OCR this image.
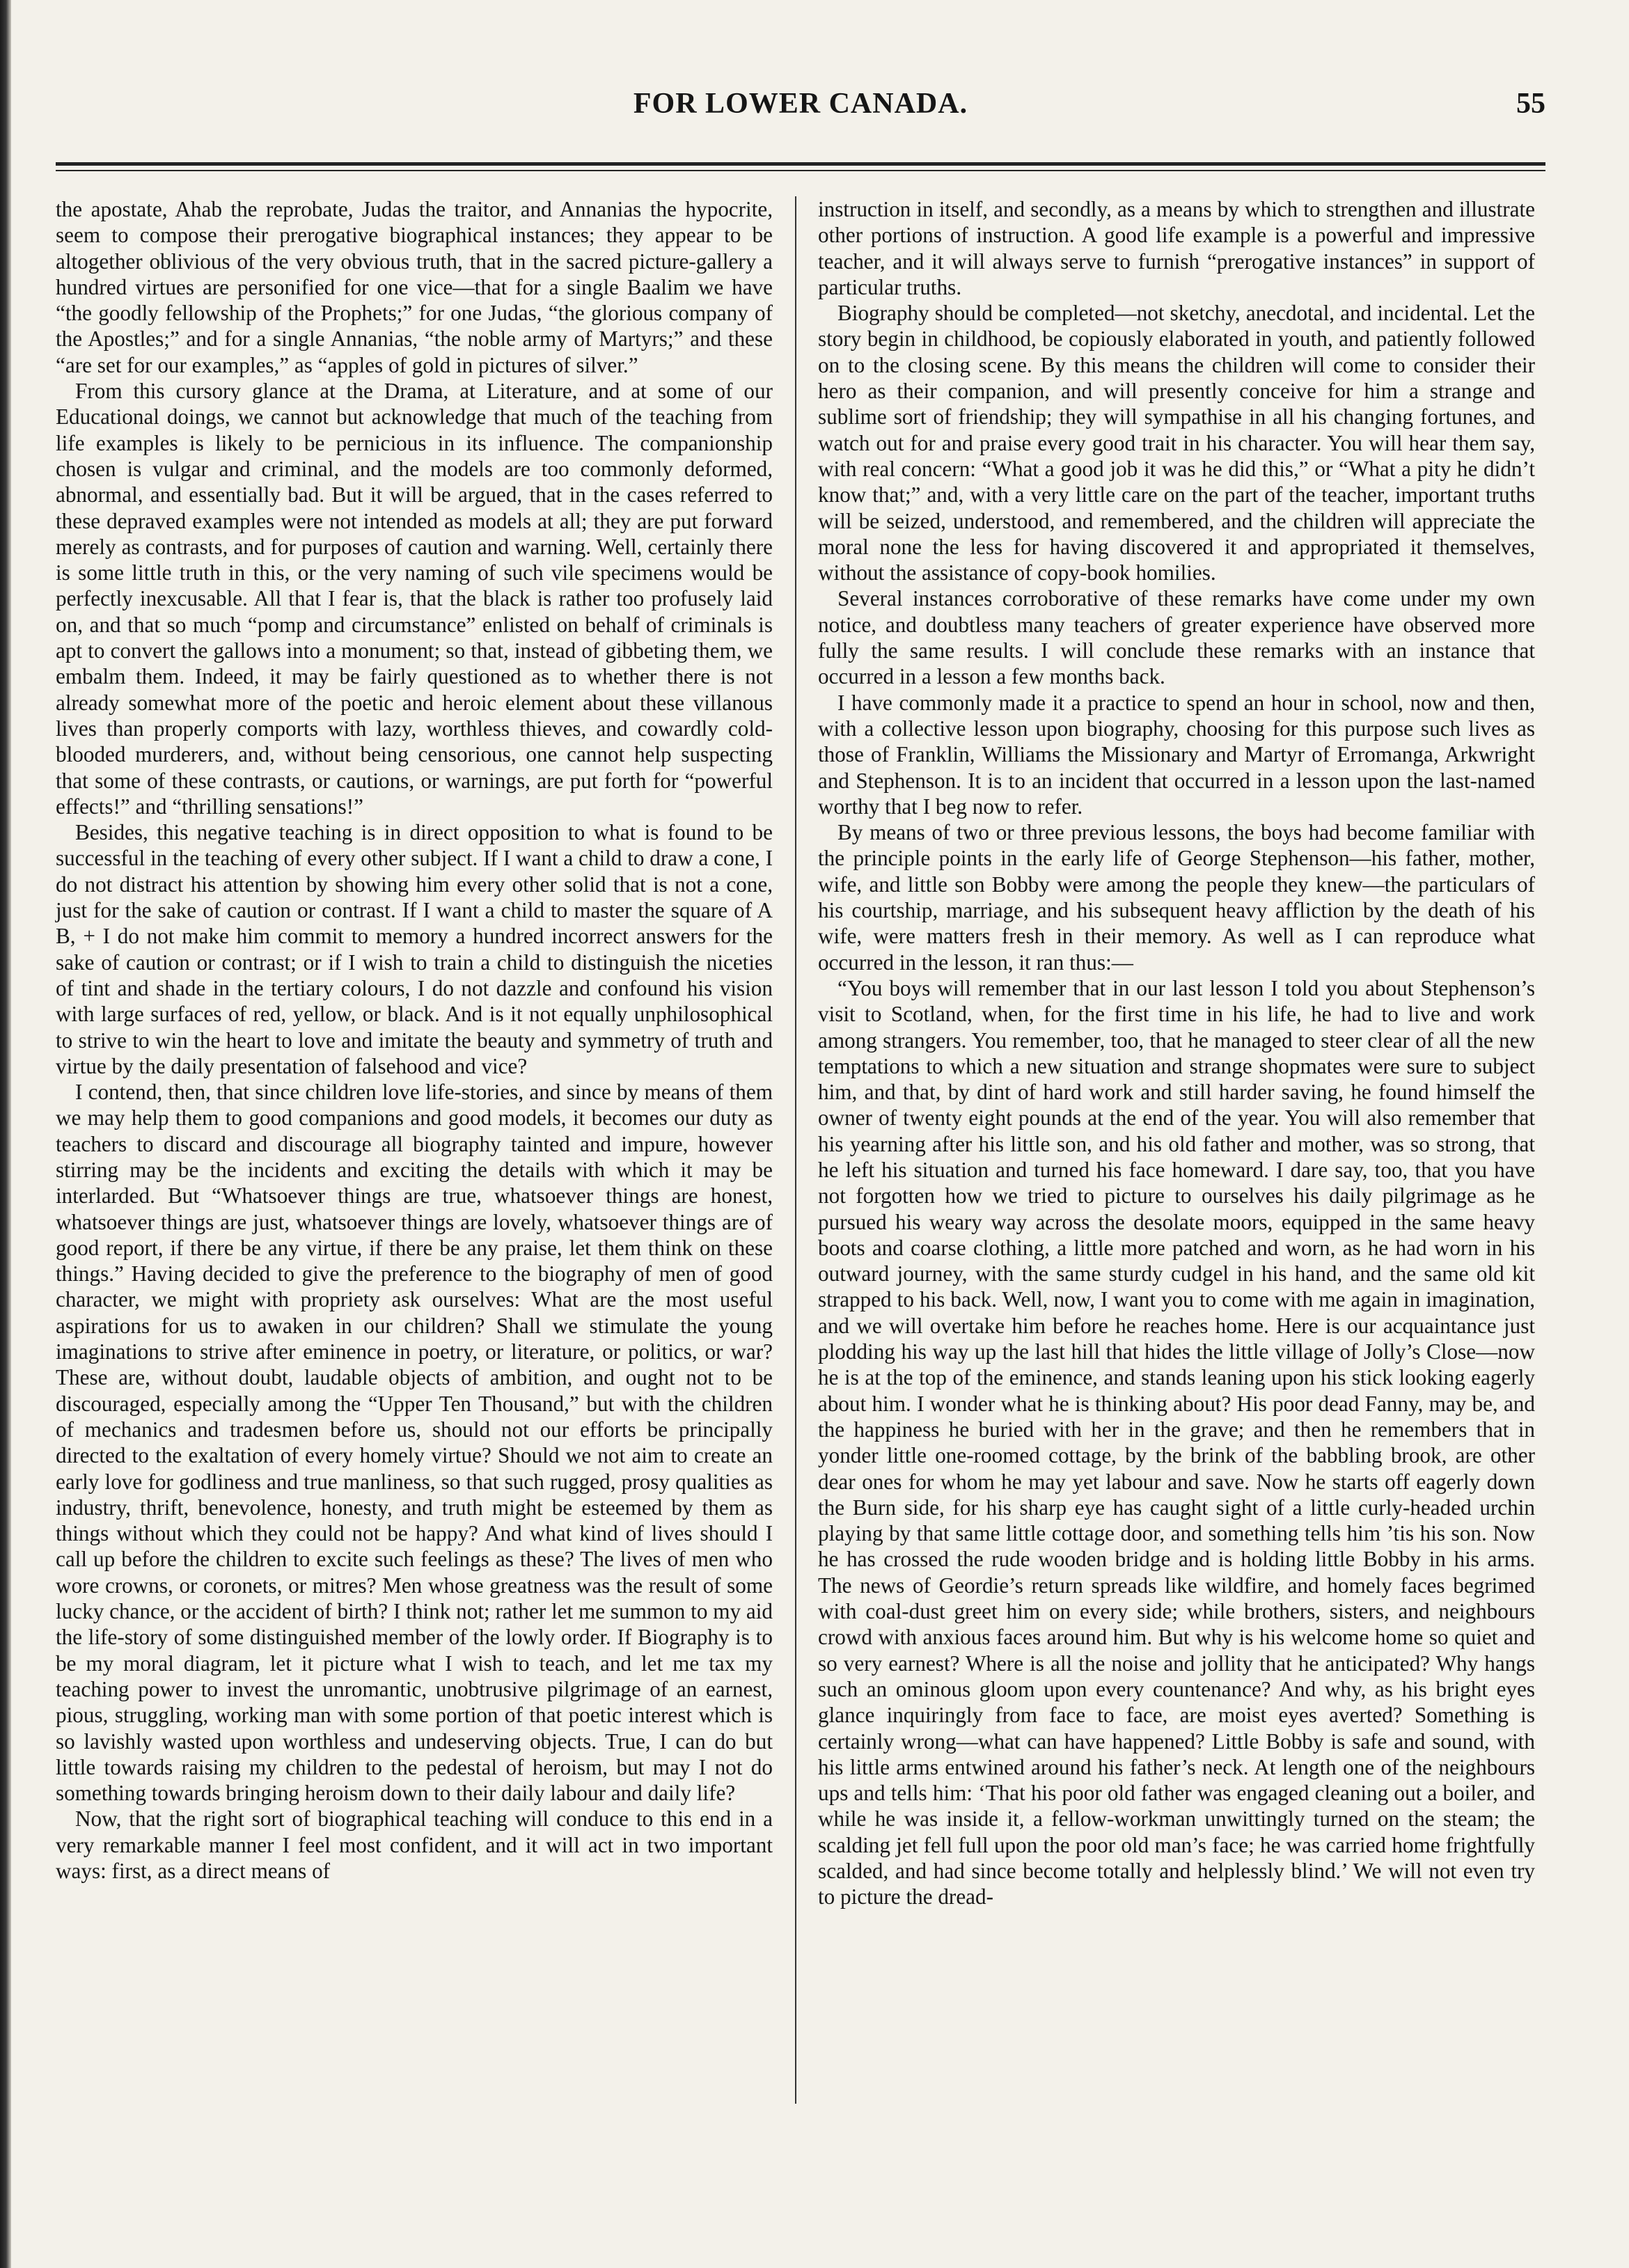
FOR LOWER CANADA.	55

the apostate, Ahab the reprobate, Judas the traitor, and Annanias the hypocrite, seem to compose their prerogative biographical instances; they appear to be altogether oblivious of the very obvious truth, that in the sacred picture-gallery a hundred virtues are personified for one vice—that for a single Baalim we have “the goodly fellowship of the Prophets;” for one Judas, “the glorious company of the Apostles;” and for a single Annanias, “the noble army of Martyrs;” and these “are set for our examples,” as “apples of gold in pictures of silver.”

From this cursory glance at the Drama, at Literature, and at some of our Educational doings, we cannot but acknowledge that much of the teaching from life examples is likely to be pernicious in its influence. The companionship chosen is vulgar and criminal, and the models are too commonly deformed, abnormal, and essentially bad. But it will be argued, that in the cases referred to these depraved examples were not intended as models at all; they are put forward merely as contrasts, and for purposes of caution and warning. Well, certainly there is some little truth in this, or the very naming of such vile specimens would be perfectly inexcusable. All that I fear is, that the black is rather too profusely laid on, and that so much “pomp and circumstance” enlisted on behalf of criminals is apt to convert the gallows into a monument; so that, instead of gibbeting them, we embalm them. Indeed, it may be fairly questioned as to whether there is not already somewhat more of the poetic and heroic element about these villanous lives than properly comports with lazy, worthless thieves, and cowardly cold-blooded murderers, and, without being censorious, one cannot help suspecting that some of these contrasts, or cautions, or warnings, are put forth for “powerful effects!” and “thrilling sensations!”

Besides, this negative teaching is in direct opposition to what is found to be successful in the teaching of every other subject. If I want a child to draw a cone, I do not distract his attention by showing him every other solid that is not a cone, just for the sake of caution or contrast. If I want a child to master the square of A B, + I do not make him commit to memory a hundred incorrect answers for the sake of caution or contrast; or if I wish to train a child to distinguish the niceties of tint and shade in the tertiary colours, I do not dazzle and confound his vision with large surfaces of red, yellow, or black. And is it not equally unphilosophical to strive to win the heart to love and imitate the beauty and symmetry of truth and virtue by the daily presentation of falsehood and vice?

I contend, then, that since children love life-stories, and since by means of them we may help them to good companions and good models, it becomes our duty as teachers to discard and discourage all biography tainted and impure, however stirring may be the incidents and exciting the details with which it may be interlarded. But “Whatsoever things are true, whatsoever things are honest, whatsoever things are just, whatsoever things are lovely, whatsoever things are of good report, if there be any virtue, if there be any praise, let them think on these things.” Having decided to give the preference to the biography of men of good character, we might with propriety ask ourselves: What are the most useful aspirations for us to awaken in our children? Shall we stimulate the young imaginations to strive after eminence in poetry, or literature, or politics, or war? These are, without doubt, laudable objects of ambition, and ought not to be discouraged, especially among the “Upper Ten Thousand,” but with the children of mechanics and tradesmen before us, should not our efforts be principally directed to the exaltation of every homely virtue? Should we not aim to create an early love for godliness and true manliness, so that such rugged, prosy qualities as industry, thrift, benevolence, honesty, and truth might be esteemed by them as things without which they could not be happy? And what kind of lives should I call up before the children to excite such feelings as these? The lives of men who wore crowns, or coronets, or mitres? Men whose greatness was the result of some lucky chance, or the accident of birth? I think not; rather let me summon to my aid the life-story of some distinguished member of the lowly order. If Biography is to be my moral diagram, let it picture what I wish to teach, and let me tax my teaching power to invest the unromantic, unobtrusive pilgrimage of an earnest, pious, struggling, working man with some portion of that poetic interest which is so lavishly wasted upon worthless and undeserving objects. True, I can do but little towards raising my children to the pedestal of heroism, but may I not do something towards bringing heroism down to their daily labour and daily life?

Now, that the right sort of biographical teaching will conduce to this end in a very remarkable manner I feel most confident, and it will act in two important ways: first, as a direct means of

instruction in itself, and secondly, as a means by which to strengthen and illustrate other portions of instruction. A good life example is a powerful and impressive teacher, and it will always serve to furnish “prerogative instances” in support of particular truths.

Biography should be completed—not sketchy, anecdotal, and incidental. Let the story begin in childhood, be copiously elaborated in youth, and patiently followed on to the closing scene. By this means the children will come to consider their hero as their companion, and will presently conceive for him a strange and sublime sort of friendship; they will sympathise in all his changing fortunes, and watch out for and praise every good trait in his character. You will hear them say, with real concern: “What a good job it was he did this,” or “What a pity he didn’t know that;” and, with a very little care on the part of the teacher, important truths will be seized, understood, and remembered, and the children will appreciate the moral none the less for having discovered it and appropriated it themselves, without the assistance of copy-book homilies.

Several instances corroborative of these remarks have come under my own notice, and doubtless many teachers of greater experience have observed more fully the same results. I will conclude these remarks with an instance that occurred in a lesson a few months back.

I have commonly made it a practice to spend an hour in school, now and then, with a collective lesson upon biography, choosing for this purpose such lives as those of Franklin, Williams the Missionary and Martyr of Erromanga, Arkwright and Stephenson. It is to an incident that occurred in a lesson upon the last-named worthy that I beg now to refer.

By means of two or three previous lessons, the boys had become familiar with the principle points in the early life of George Stephenson—his father, mother, wife, and little son Bobby were among the people they knew—the particulars of his courtship, marriage, and his subsequent heavy affliction by the death of his wife, were matters fresh in their memory. As well as I can reproduce what occurred in the lesson, it ran thus:—

“You boys will remember that in our last lesson I told you about Stephenson’s visit to Scotland, when, for the first time in his life, he had to live and work among strangers. You remember, too, that he managed to steer clear of all the new temptations to which a new situation and strange shopmates were sure to subject him, and that, by dint of hard work and still harder saving, he found himself the owner of twenty eight pounds at the end of the year. You will also remember that his yearning after his little son, and his old father and mother, was so strong, that he left his situation and turned his face homeward. I dare say, too, that you have not forgotten how we tried to picture to ourselves his daily pilgrimage as he pursued his weary way across the desolate moors, equipped in the same heavy boots and coarse clothing, a little more patched and worn, as he had worn in his outward journey, with the same sturdy cudgel in his hand, and the same old kit strapped to his back. Well, now, I want you to come with me again in imagination, and we will overtake him before he reaches home. Here is our acquaintance just plodding his way up the last hill that hides the little village of Jolly’s Close—now he is at the top of the eminence, and stands leaning upon his stick looking eagerly about him. I wonder what he is thinking about? His poor dead Fanny, may be, and the happiness he buried with her in the grave; and then he remembers that in yonder little one-roomed cottage, by the brink of the babbling brook, are other dear ones for whom he may yet labour and save. Now he starts off eagerly down the Burn side, for his sharp eye has caught sight of a little curly-headed urchin playing by that same little cottage door, and something tells him ’tis his son. Now he has crossed the rude wooden bridge and is holding little Bobby in his arms. The news of Geordie’s return spreads like wildfire, and homely faces begrimed with coal-dust greet him on every side; while brothers, sisters, and neighbours crowd with anxious faces around him. But why is his welcome home so quiet and so very earnest? Where is all the noise and jollity that he anticipated? Why hangs such an ominous gloom upon every countenance? And why, as his bright eyes glance inquiringly from face to face, are moist eyes averted? Something is certainly wrong—what can have happened? Little Bobby is safe and sound, with his little arms entwined around his father’s neck. At length one of the neighbours ups and tells him: ‘That his poor old father was engaged cleaning out a boiler, and while he was inside it, a fellow-workman unwittingly turned on the steam; the scalding jet fell full upon the poor old man’s face; he was carried home frightfully scalded, and had since become totally and helplessly blind.’ We will not even try to picture the dread-
